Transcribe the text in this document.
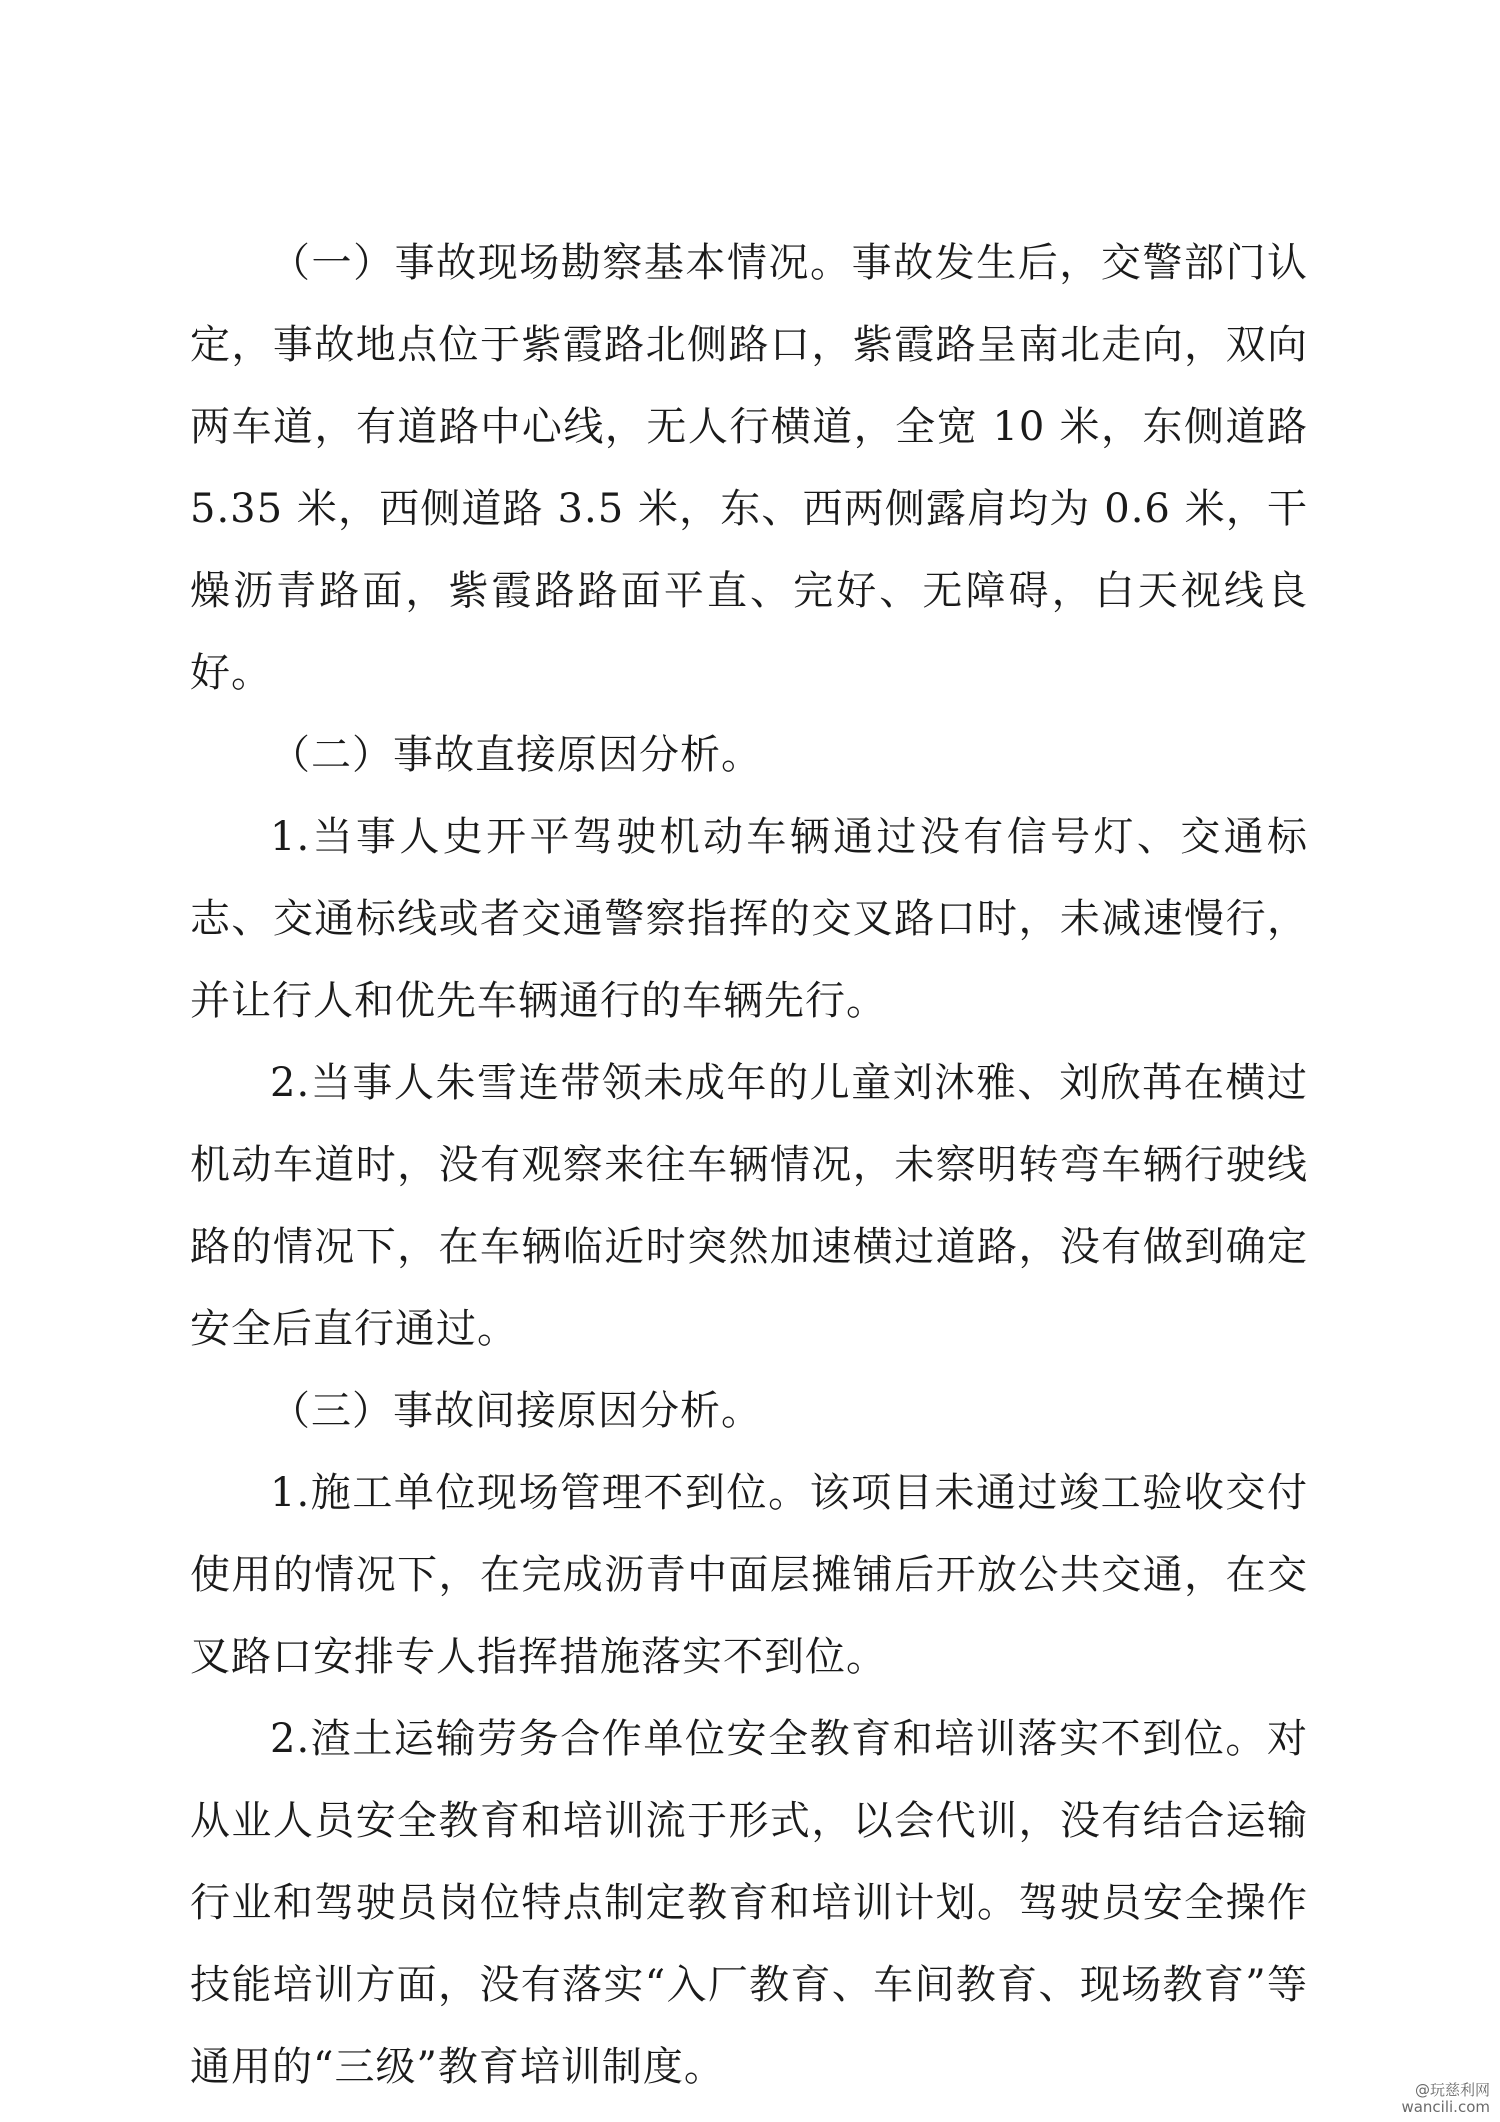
（一）事故现场勘察基本情况。事故发生后，交警部门认定，事故地点位于紫霞路北侧路口，紫霞路呈南北走向，双向两车道，有道路中心线，无人行横道，全宽 10 米，东侧道路 5.35 米，西侧道路 3.5 米，东、西两侧露肩均为 0.6 米，干燥沥青路面，紫霞路路面平直、完好、无障碍，白天视线良好。

（二）事故直接原因分析。

1.当事人史开平驾驶机动车辆通过没有信号灯、交通标志、交通标线或者交通警察指挥的交叉路口时，未减速慢行，并让行人和优先车辆通行的车辆先行。

2.当事人朱雪连带领未成年的儿童刘沐雅、刘欣苒在横过机动车道时，没有观察来往车辆情况，未察明转弯车辆行驶线路的情况下，在车辆临近时突然加速横过道路，没有做到确定安全后直行通过。

（三）事故间接原因分析。

1.施工单位现场管理不到位。该项目未通过竣工验收交付使用的情况下，在完成沥青中面层摊铺后开放公共交通，在交叉路口安排专人指挥措施落实不到位。

2.渣土运输劳务合作单位安全教育和培训落实不到位。对从业人员安全教育和培训流于形式，以会代训，没有结合运输行业和驾驶员岗位特点制定教育和培训计划。驾驶员安全操作技能培训方面，没有落实“入厂教育、车间教育、现场教育”等通用的“三级”教育培训制度。	@玩慈利网
wancili.com
